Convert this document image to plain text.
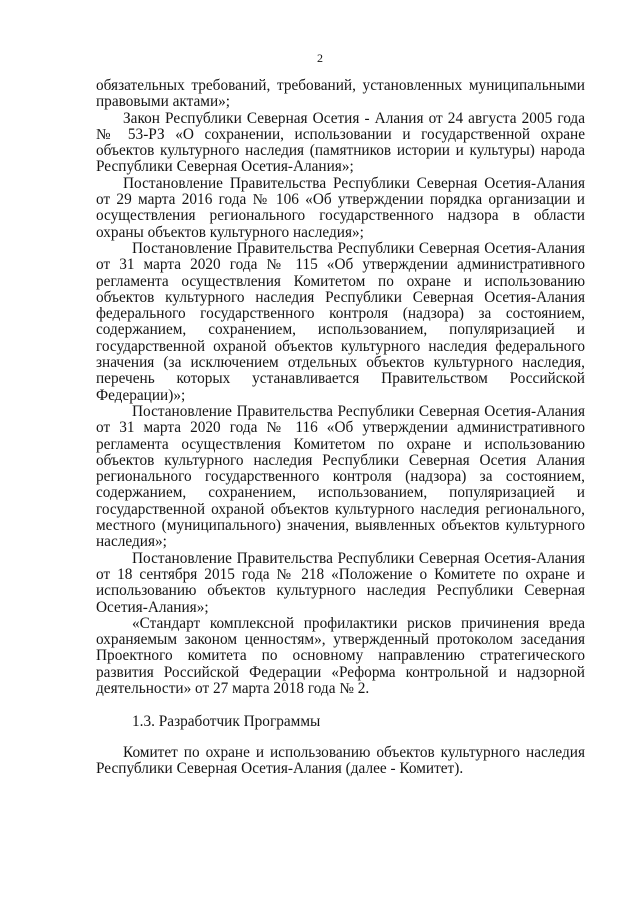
2

обязательных требований, требований, установленных муниципальными правовыми актами»;

Закон Республики Северная Осетия - Алания от 24 августа 2005 года № 53-РЗ «О сохранении, использовании и государственной охране объектов культурного наследия (памятников истории и культуры) народа Республики Северная Осетия-Алания»;

Постановление Правительства Республики Северная Осетия-Алания от 29 марта 2016 года № 106 «Об утверждении порядка организации и осуществления регионального государственного надзора в области охраны объектов культурного наследия»;

Постановление Правительства Республики Северная Осетия-Алания от 31 марта 2020 года № 115 «Об утверждении административного регламента осуществления Комитетом по охране и использованию объектов культурного наследия Республики Северная Осетия-Алания федерального государственного контроля (надзора) за состоянием, содержанием, сохранением, использованием, популяризацией и государственной охраной объектов культурного наследия федерального значения (за исключением отдельных объектов культурного наследия, перечень которых устанавливается Правительством Российской Федерации)»;

Постановление Правительства Республики Северная Осетия-Алания от 31 марта 2020 года № 116 «Об утверждении административного регламента осуществления Комитетом по охране и использованию объектов культурного наследия Республики Северная Осетия Алания регионального государственного контроля (надзора) за состоянием, содержанием, сохранением, использованием, популяризацией и государственной охраной объектов культурного наследия регионального, местного (муниципального) значения, выявленных объектов культурного наследия»;

Постановление Правительства Республики Северная Осетия-Алания от 18 сентября 2015 года № 218 «Положение о Комитете по охране и использованию объектов культурного наследия Республики Северная Осетия-Алания»;

«Стандарт комплексной профилактики рисков причинения вреда охраняемым законом ценностям», утвержденный протоколом заседания Проектного комитета по основному направлению стратегического развития Российской Федерации «Реформа контрольной и надзорной деятельности» от 27 марта 2018 года № 2.

1.3. Разработчик Программы

Комитет по охране и использованию объектов культурного наследия Республики Северная Осетия-Алания (далее - Комитет).
